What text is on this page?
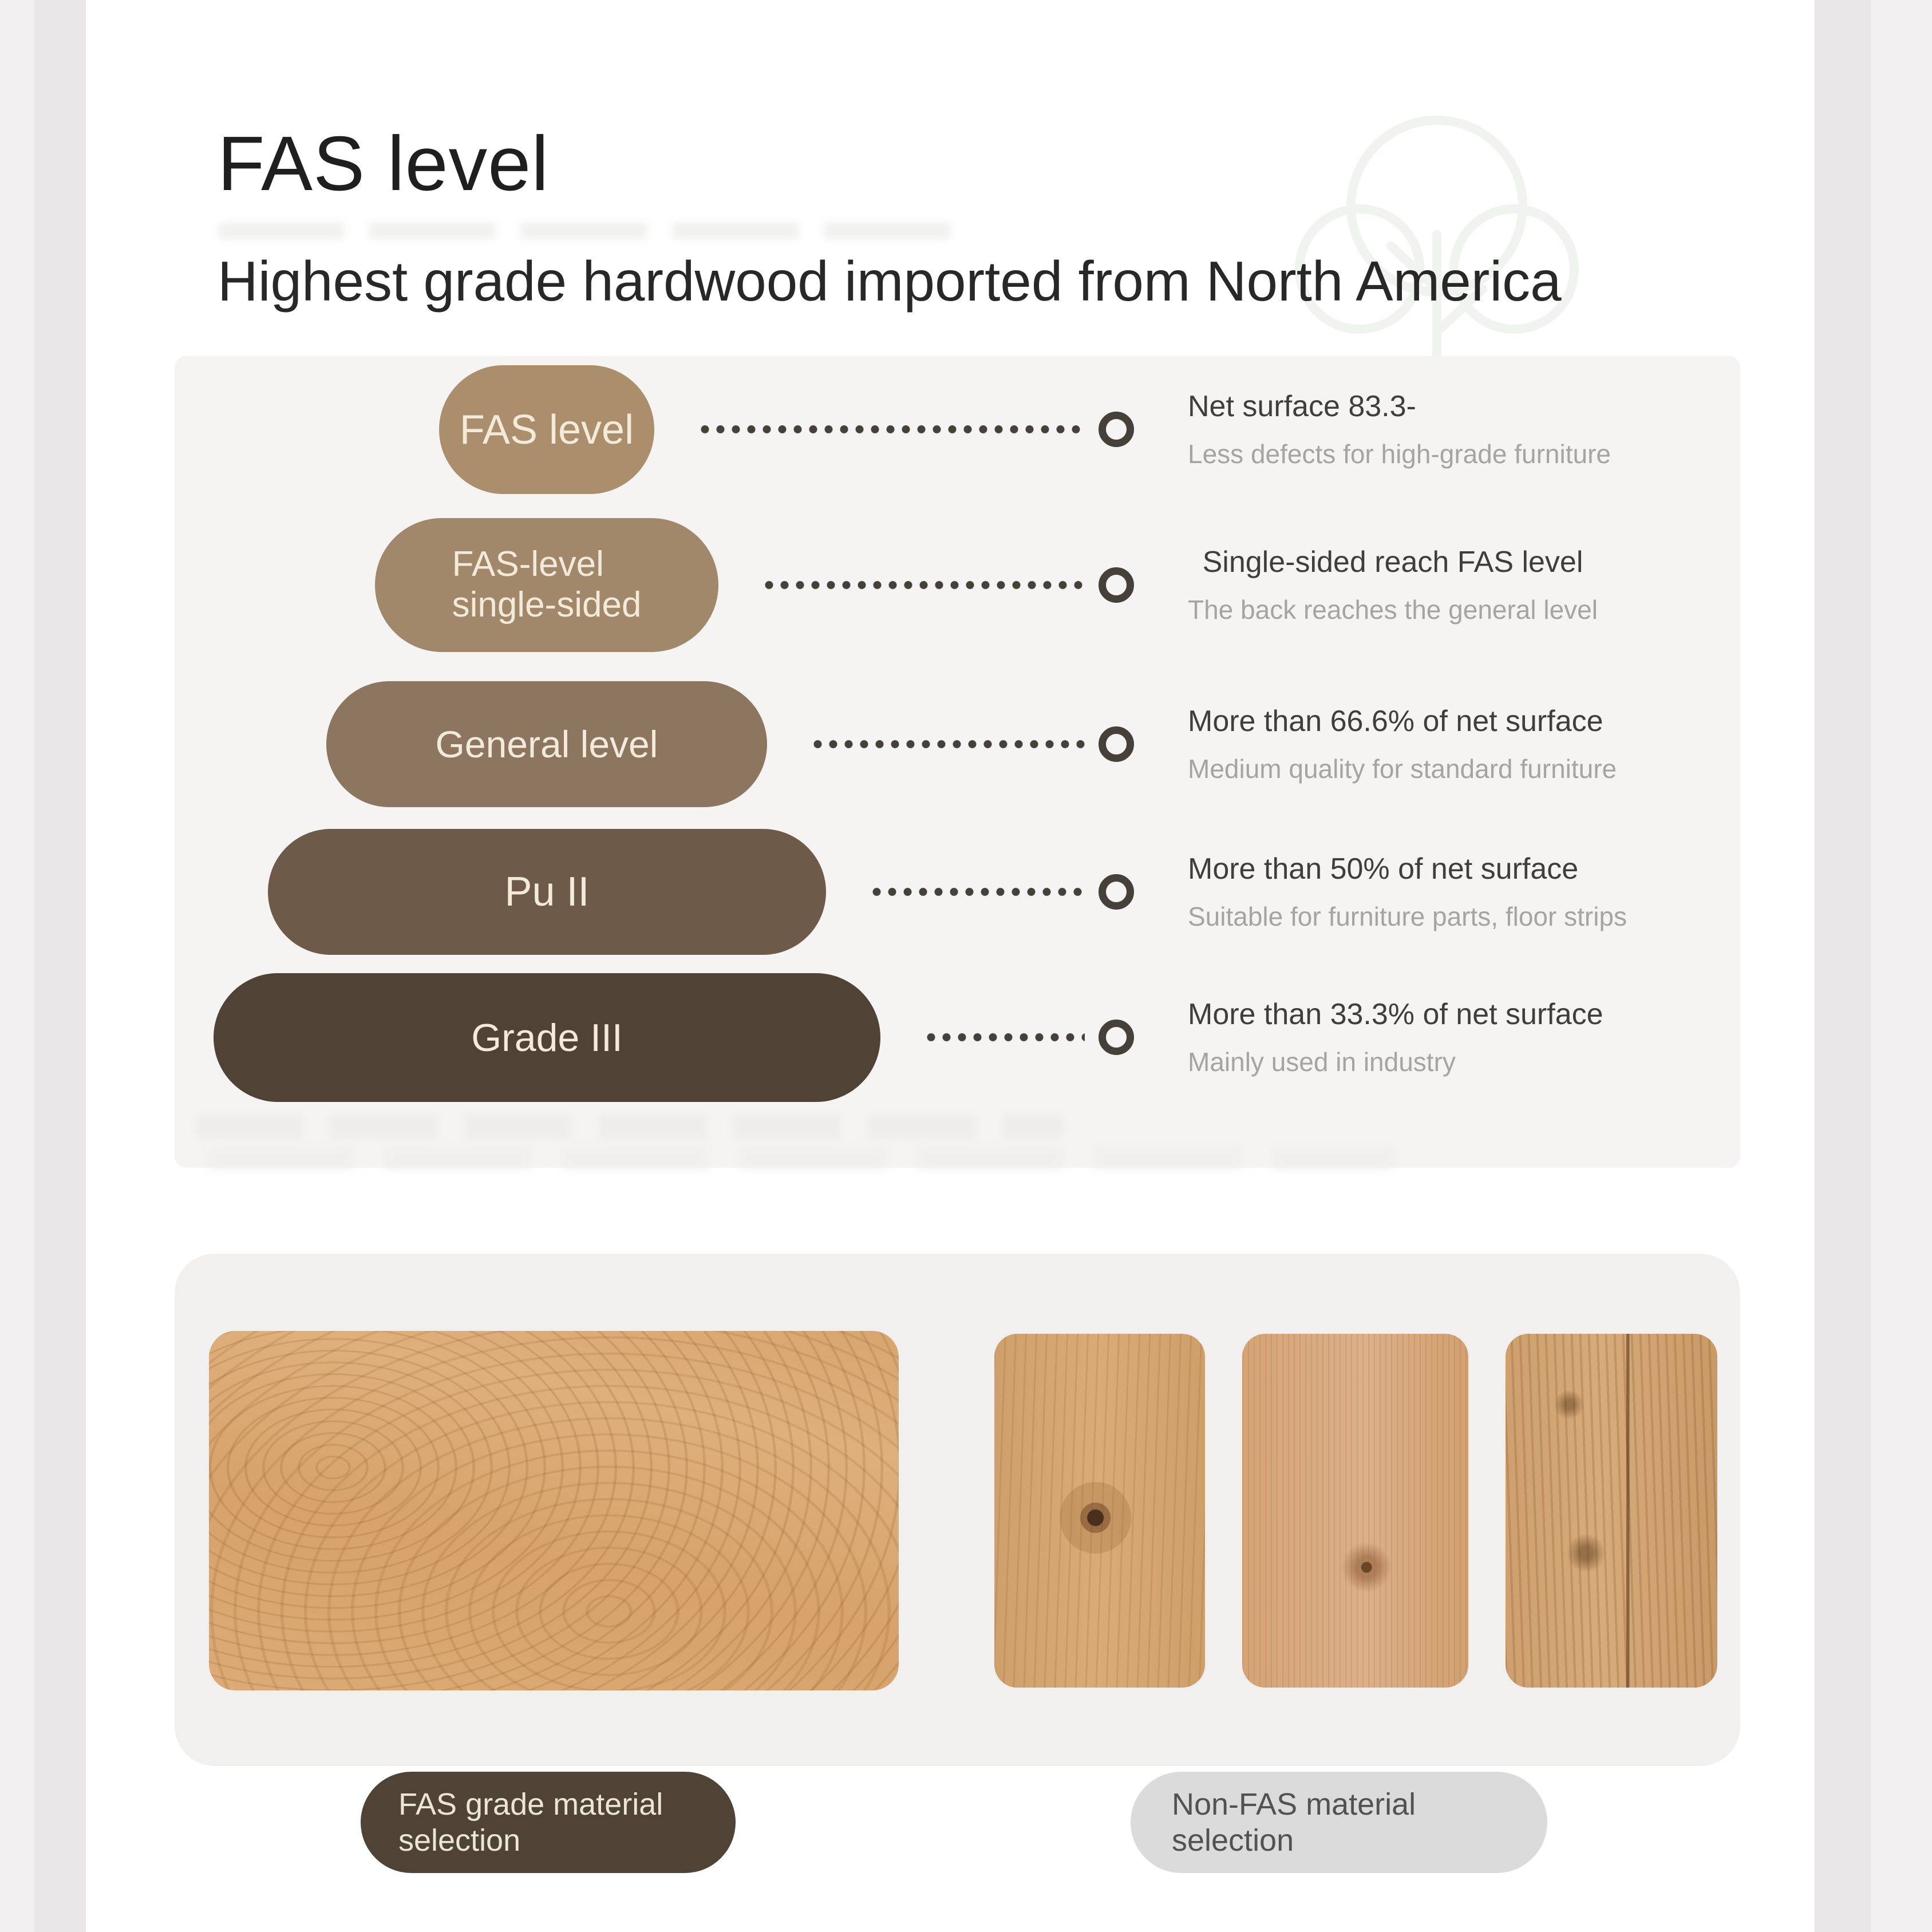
FAS level
Highest grade hardwood imported from North America
FAS level
Net surface 83.3-
Less defects for high-grade furniture
FAS-level
single-sided
Single-sided reach FAS level
The back reaches the general level
General level
More than 66.6% of net surface
Medium quality for standard furniture
Pu II	More than 50% of net surface
Suitable for furniture parts, floor strips
Grade III
More than 33.3% of net surface
Mainly used in industry
FAS grade material
selection
Non-FAS material
selection
